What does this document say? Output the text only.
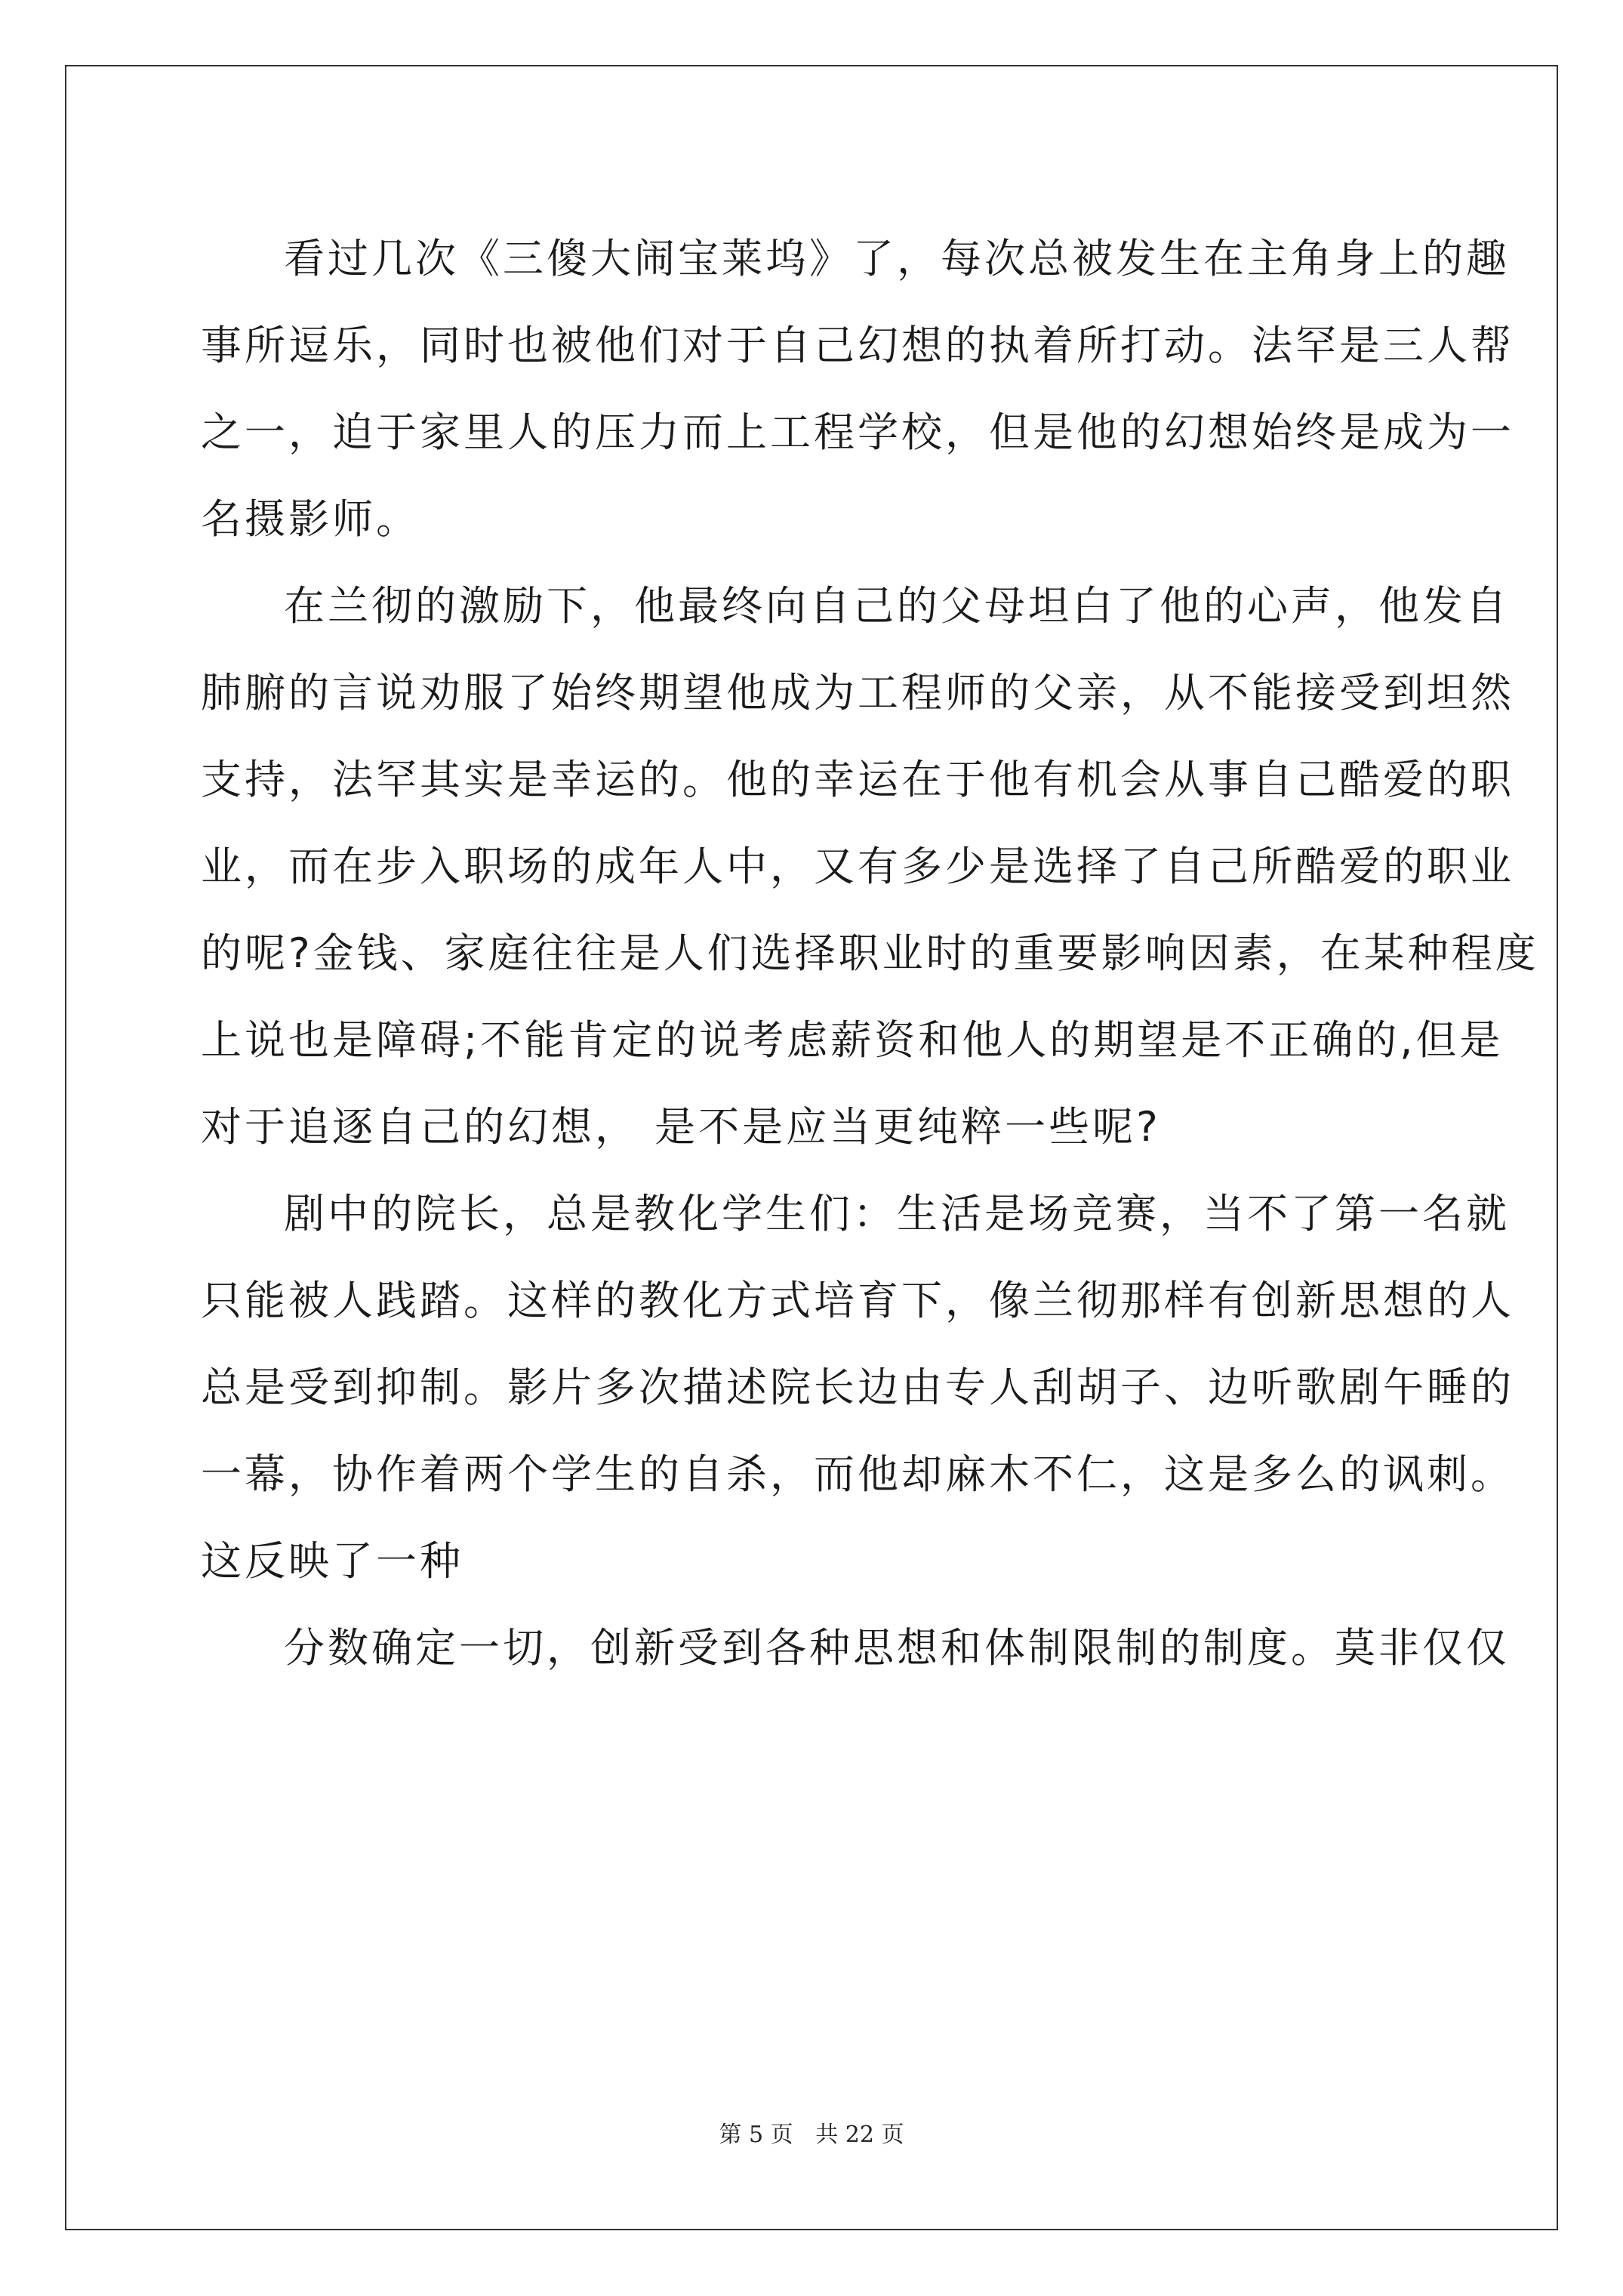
看过几次《三傻大闹宝莱坞》了，每次总被发生在主角身上的趣
事所逗乐，同时也被他们对于自己幻想的执着所打动。法罕是三人帮
之一，迫于家里人的压力而上工程学校，但是他的幻想始终是成为一
名摄影师。
在兰彻的激励下，他最终向自己的父母坦白了他的心声，他发自
肺腑的言说劝服了始终期望他成为工程师的父亲，从不能接受到坦然
支持，法罕其实是幸运的。他的幸运在于他有机会从事自己酷爱的职
业，而在步入职场的成年人中，又有多少是选择了自己所酷爱的职业
的呢?金钱、家庭往往是人们选择职业时的重要影响因素，在某种程度
上说也是障碍;不能肯定的说考虑薪资和他人的期望是不正确的,但是
对于追逐自己的幻想， 是不是应当更纯粹一些呢?
剧中的院长，总是教化学生们：生活是场竞赛，当不了第一名就
只能被人践踏。这样的教化方式培育下，像兰彻那样有创新思想的人
总是受到抑制。影片多次描述院长边由专人刮胡子、边听歌剧午睡的
一幕，协作着两个学生的自杀，而他却麻木不仁，这是多么的讽刺。
这反映了一种
分数确定一切，创新受到各种思想和体制限制的制度。莫非仅仅
第 5 页 共 22 页
